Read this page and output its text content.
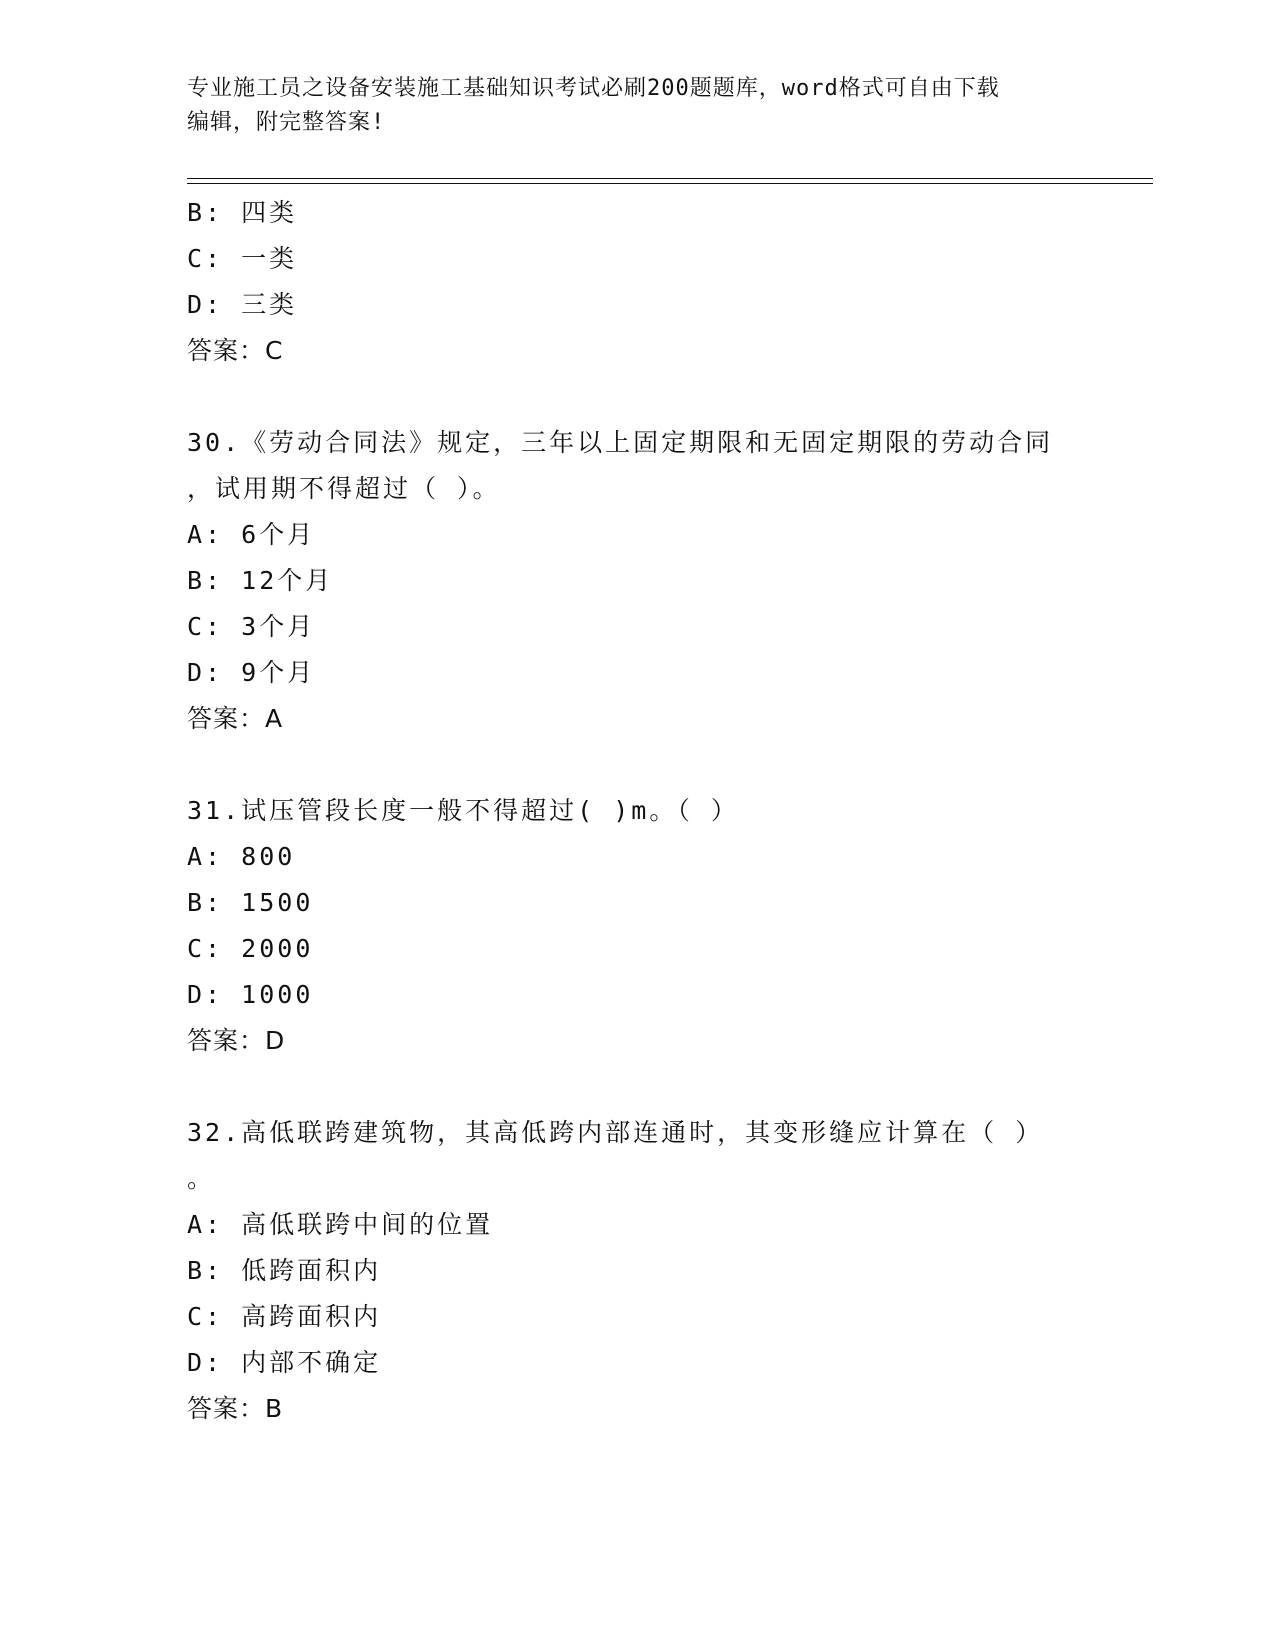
专业施工员之设备安装施工基础知识考试必刷200题题库，word格式可自由下载
编辑，附完整答案!
B: 四类
C: 一类
D: 三类
答案：C
30.《劳动合同法》规定，三年以上固定期限和无固定期限的劳动合同
，试用期不得超过（ ）。
A: 6个月
B: 12个月
C: 3个月
D: 9个月
答案：A
31.试压管段长度一般不得超过( )m。（ ）
A: 800
B: 1500
C: 2000
D: 1000
答案：D
32.高低联跨建筑物，其高低跨内部连通时，其变形缝应计算在（ ）
。
A: 高低联跨中间的位置
B: 低跨面积内
C: 高跨面积内
D: 内部不确定
答案：B
